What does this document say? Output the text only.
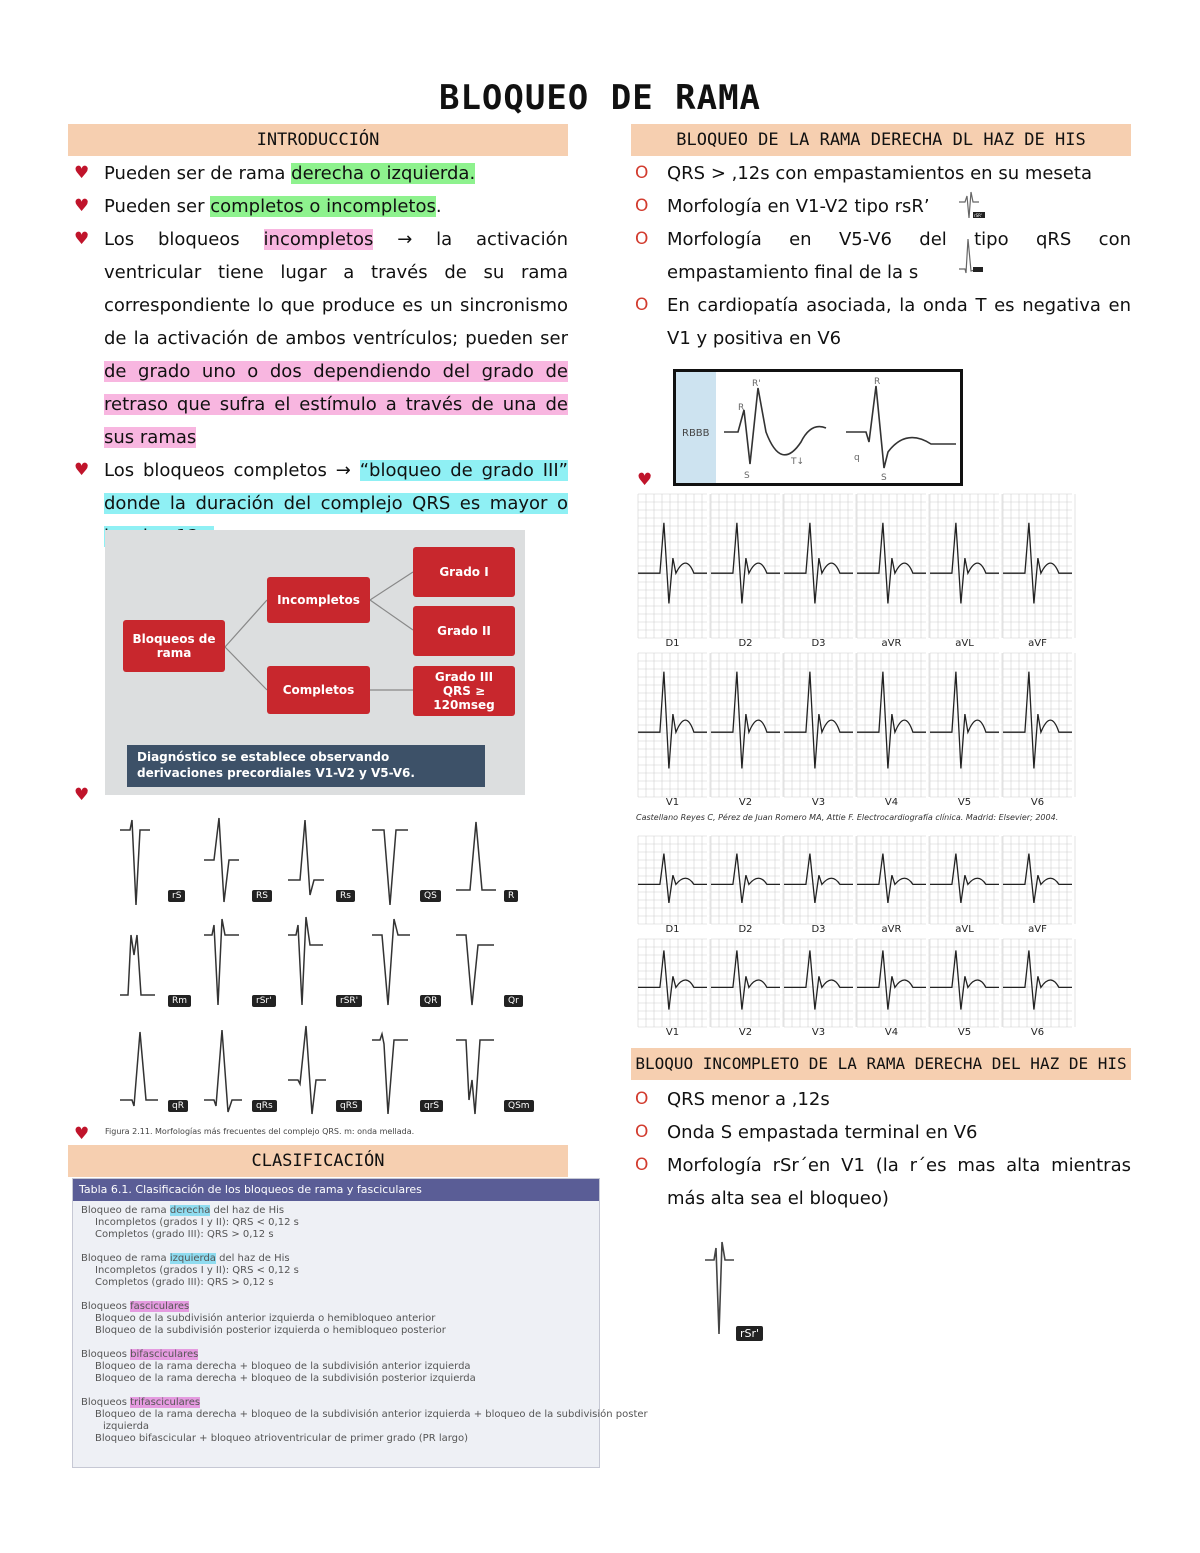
BLOQUEO DE RAMA
INTRODUCCIÓN
♥ Pueden ser de rama derecha o izquierda.
♥ Pueden ser completos o incompletos.
♥ Los bloqueos incompletos → la activación ventricular tiene lugar a través de su rama correspondiente lo que produce es un sincronismo de la activación de ambos ventrículos; pueden ser de grado uno o dos dependiendo del grado de retraso que sufra el estímulo a través de una de sus ramas
♥ Los bloqueos completos → “bloqueo de grado III” donde la duración del complejo QRS es mayor o
Bloqueos de rama
Incompletos
Completos
Grado I
Grado II
Grado III
QRS ≥ 120mseg
Diagnóstico se establece observando derivaciones precordiales V1-V2 y V5-V6.
♥
rS	RS	Rs	QS	R
Rm	rSr'	rSR'	QR	Qr
qR	qRs	qRS	qrS	QSm
♥ Figura 2.11. Morfologías más frecuentes del complejo QRS. m: onda mellada.
CLASIFICACIÓN
Tabla 6.1. Clasificación de los bloqueos de rama y fasciculares
Bloqueo de rama derecha del haz de His
Incompletos (grados I y II): QRS < 0,12 s
Completos (grado III): QRS > 0,12 s
Bloqueo de rama izquierda del haz de His
Incompletos (grados I y II): QRS < 0,12 s
Completos (grado III): QRS > 0,12 s
Bloqueos fasciculares
Bloqueo de la subdivisión anterior izquierda o hemibloqueo anterior
Bloqueo de la subdivisión posterior izquierda o hemibloqueo posterior
Bloqueos bifasciculares
Bloqueo de la rama derecha + bloqueo de la subdivisión anterior izquierda
Bloqueo de la rama derecha + bloqueo de la subdivisión posterior izquierda
Bloqueos trifasciculares
Bloqueo de la rama derecha + bloqueo de la subdivisión anterior izquierda + bloqueo de la subdivisión poster
izquierda
Bloqueo bifascicular + bloqueo atrioventricular de primer grado (PR largo)
BLOQUEO DE LA RAMA DERECHA DL HAZ DE HIS
O QRS > ,12s con empastamientos en su meseta
O Morfología en V1-V2 tipo rsR’	rSR'
O Morfología en V5-V6 del tipo qRS con empastamiento final de la s
O En cardiopatía asociada, la onda T es negativa en V1 y positiva en V6
RBBB
R
R'
S
T↓
R
q
S
♥
D1	D2	D3	aVR	aVL	aVF
V1	V2	V3	V4	V5	V6
Castellano Reyes C, Pérez de Juan Romero MA, Attie F. Electrocardiografía clínica. Madrid: Elsevier; 2004.
D1	D2	D3	aVR	aVL	aVF
V1	V2	V3	V4	V5	V6
BLOQUO INCOMPLETO DE LA RAMA DERECHA DEL HAZ DE HIS
O QRS menor a ,12s
O Onda S empastada terminal en V6
O Morfología rSr´en V1 (la r´es mas alta mientras más alta sea el bloqueo)
rSr'
